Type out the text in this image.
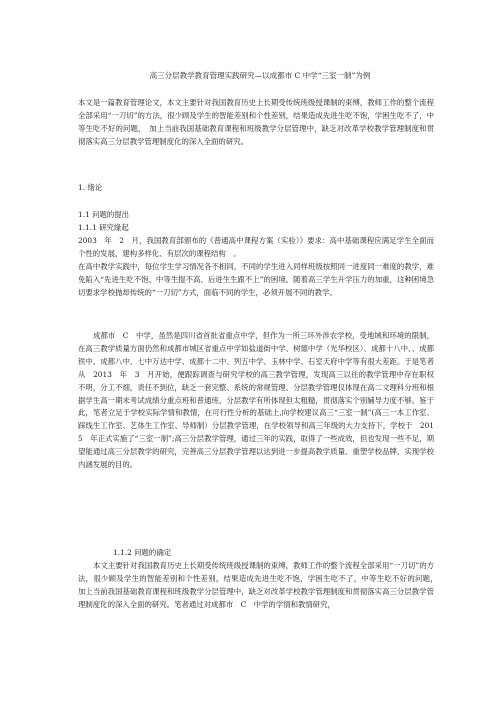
高三分层教学教育管理实践研究—以成都市 C 中学“三室一制”为例

本文是一篇教育管理论文，本文主要针对我国教育历史上长期受传统班级授课制的束缚，教师工作的整个流程全部采用“一刀切”的方法，很少顾及学生的智能差别和个性差别，结果造成先进生吃不饱，学困生吃不了，中等生吃不好的问题，　加上当前我国基础教育课程和班级教学分层管理中，缺乏对改革学校教学管理制度和贯彻落实高三分层教学管理制度化的深入全面的研究。

1. 绪论
1.1 问题的提出
1.1.1 研究缘起

2003　年　2　月，我国教育部颁布的《普通高中课程方案（实验）》要求：高中基础课程应满足学生全面而个性的发展，建构多样化、有层次的课程结构　。

在高中教学实践中，每位学生学习情况各不相同，不同的学生进入同样班级按照同一进度同一难度的教学，难免陷入“先进生吃不饱、中等生提不高、后进生生跟不上”的困境。随着高三学生升学压力的加重，这种困境急切要求学校抛却传统的“一刀切”方式，面临不同的学生，必须开展不同的教学。

成都市　C　中学，虽然是四川省首批省重点中学，但作为一所三环外涉农学校，受地域和环境的限制，在高三教学质量方面仍然和成都市城区省重点中学如盐道街中学、树德中学（光华校区）、成都十八中、、成都铁中、成都八中、七中万达中学、成都十二中、列五中学、玉林中学、石室天府中学等有很大差距。于是笔者从　2013　年　3　月开始，便跟踪调查与研究学校的高三教学管理，发现高三以往的教学管理中存在职权不明，分工不细，责任不到位，缺乏一套完整、系统的常规管理、分层教学管理仅体现在高二文理科分班和根据学生高一期末考试成绩分重点班和普通班、分层教学有所体现但太粗糙，贯彻落实个别辅导力度不够。鉴于此，笔者立足于学校实际学情和教情，在可行性分析的基础上,向学校建议高三“三室一制”(高三一本工作室、踩线生工作室、艺体生工作室、导师制）分层教学管理，在学校领导和高三年级的大力支持下，学校于　2015　年正式实施了“三室一制”;高三分层教学管理，通过三年的实践，取得了一些成效，但也发现一些不足，期望能通过高三分层教学的研究，完善高三分层教学管理以达到进一步提高教学质量、重塑学校品牌、实现学校内涵发展的目的。

1.1.2 问题的确定

本文主要针对我国教育历史上长期受传统班级授课制的束缚，教师工作的整个流程全部采用“一刀切”的方法，很少顾及学生的智能差别和个性差别，结果造成先进生吃不饱，学困生吃不了，中等生吃不好的问题，　加上当前我国基础教育课程和班级教学分层管理中，缺乏对改革学校教学管理制度和贯彻落实高三分层教学管理制度化的深入全面的研究。笔者通过对成都市　C　中学的学情和教情研究，
